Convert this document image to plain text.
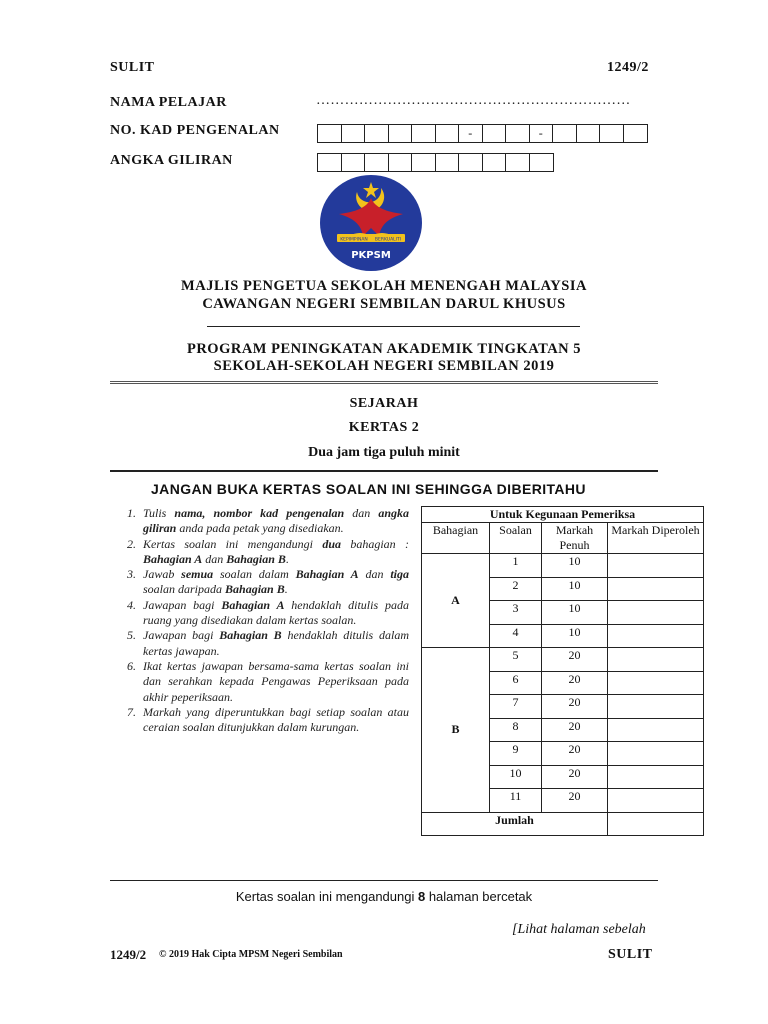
SULIT	1249/2
NAMA PELAJAR	…………………………………………………………
NO. KAD PENGENALAN	-	-
ANGKA GILIRAN
KEPIMPINAN BERKUALITI
PKPSM
MAJLIS PENGETUA SEKOLAH MENENGAH MALAYSIA
CAWANGAN NEGERI SEMBILAN DARUL KHUSUS
PROGRAM PENINGKATAN AKADEMIK TINGKATAN 5
SEKOLAH-SEKOLAH NEGERI SEMBILAN 2019
SEJARAH
KERTAS 2
Dua jam tiga puluh minit
JANGAN BUKA KERTAS SOALAN INI SEHINGGA DIBERITAHU
1. Tulis nama, nombor kad pengenalan dan angka giliran anda pada petak yang disediakan.
2. Kertas soalan ini mengandungi dua bahagian : Bahagian A dan Bahagian B.
3. Jawab semua soalan dalam Bahagian A dan tiga soalan daripada Bahagian B.
4. Jawapan bagi Bahagian A hendaklah ditulis pada ruang yang disediakan dalam kertas soalan.
5. Jawapan bagi Bahagian B hendaklah ditulis dalam kertas jawapan.
6. Ikat kertas jawapan bersama-sama kertas soalan ini dan serahkan kepada Pengawas Peperiksaan pada akhir peperiksaan.
7. Markah yang diperuntukkan bagi setiap soalan atau ceraian soalan ditunjukkan dalam kurungan.
Untuk Kegunaan Pemeriksa			
Bahagian	Soalan	Markah Penuh	Markah Diperoleh
A	1	10	
	2	10	
	3	10	
	4	10	
B	5	20	
	6	20	
	7	20	
	8	20	
	9	20	
	10	20	
	11	20	
Jumlah			
Kertas soalan ini mengandungi 8 halaman bercetak
[Lihat halaman sebelah
1249/2 © 2019 Hak Cipta MPSM Negeri Sembilan	SULIT
